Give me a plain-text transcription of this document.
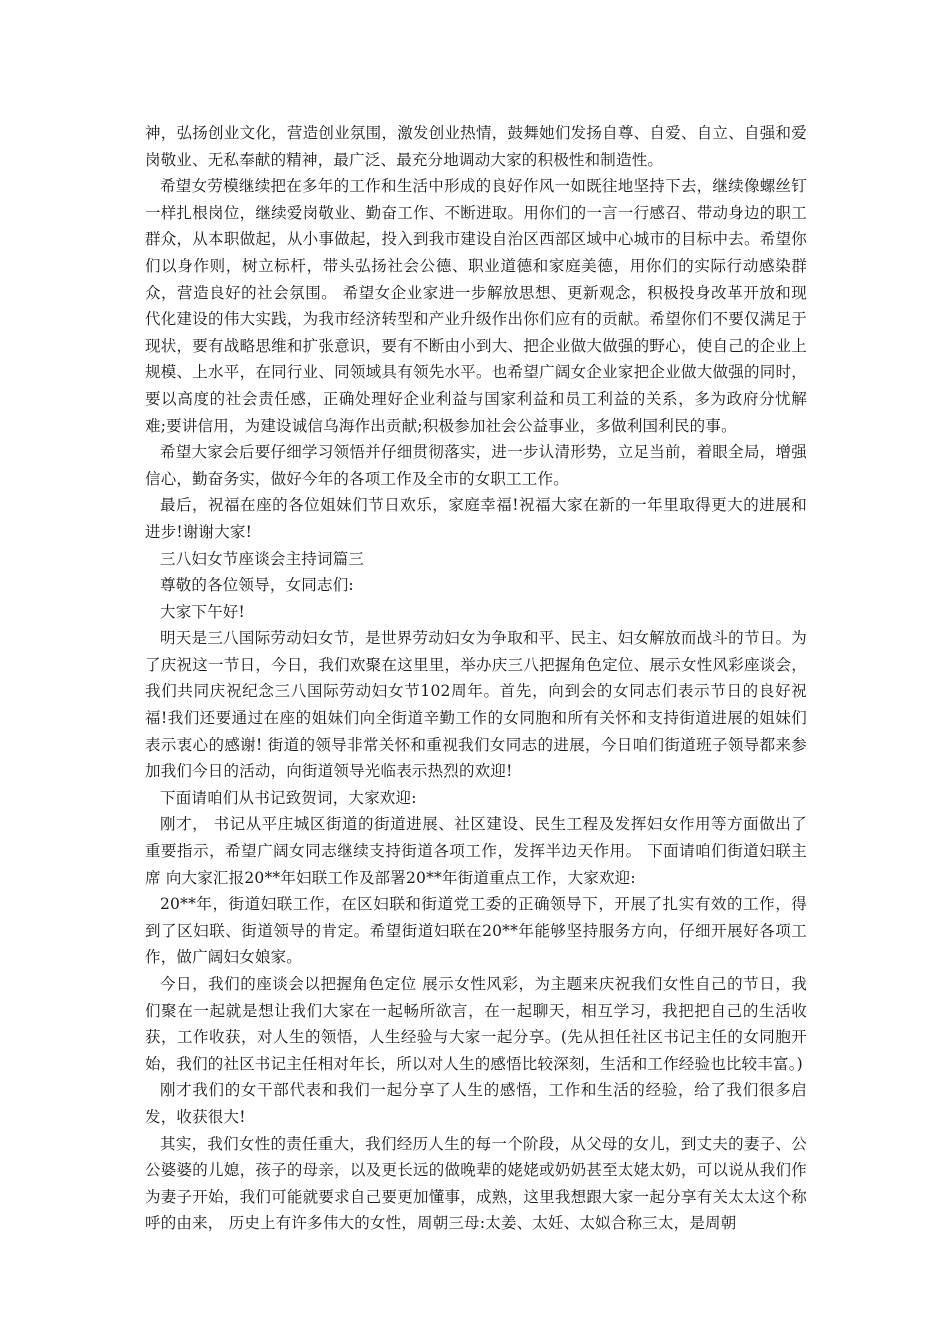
神，弘扬创业文化，营造创业氛围，激发创业热情，鼓舞她们发扬自尊、自爱、自立、自强和爱岗敬业、无私奉献的精神，最广泛、最充分地调动大家的积极性和制造性。

希望女劳模继续把在多年的工作和生活中形成的良好作风一如既往地坚持下去，继续像螺丝钉一样扎根岗位，继续爱岗敬业、勤奋工作、不断进取。用你们的一言一行感召、带动身边的职工群众，从本职做起，从小事做起，投入到我市建设自治区西部区域中心城市的目标中去。希望你们以身作则，树立标杆，带头弘扬社会公德、职业道德和家庭美德，用你们的实际行动感染群众，营造良好的社会氛围。 希望女企业家进一步解放思想、更新观念，积极投身改革开放和现代化建设的伟大实践，为我市经济转型和产业升级作出你们应有的贡献。希望你们不要仅满足于现状，要有战略思维和扩张意识，要有不断由小到大、把企业做大做强的野心，使自己的企业上规模、上水平，在同行业、同领域具有领先水平。也希望广阔女企业家把企业做大做强的同时，要以高度的社会责任感，正确处理好企业利益与国家利益和员工利益的关系，多为政府分忧解难;要讲信用，为建设诚信乌海作出贡献;积极参加社会公益事业，多做利国利民的事。

希望大家会后要仔细学习领悟并仔细贯彻落实，进一步认清形势，立足当前，着眼全局，增强信心，勤奋务实，做好今年的各项工作及全市的女职工工作。

最后，祝福在座的各位姐妹们节日欢乐，家庭幸福!祝福大家在新的一年里取得更大的进展和进步!谢谢大家!

三八妇女节座谈会主持词篇三

尊敬的各位领导，女同志们:

大家下午好!

明天是三八国际劳动妇女节，是世界劳动妇女为争取和平、民主、妇女解放而战斗的节日。为了庆祝这一节日，今日，我们欢聚在这里里，举办庆三八把握角色定位、展示女性风彩座谈会，我们共同庆祝纪念三八国际劳动妇女节102周年。首先，向到会的女同志们表示节日的良好祝福!我们还要通过在座的姐妹们向全街道辛勤工作的女同胞和所有关怀和支持街道进展的姐妹们表示衷心的感谢! 街道的领导非常关怀和重视我们女同志的进展，今日咱们街道班子领导都来参加我们今日的活动，向街道领导光临表示热烈的欢迎!

下面请咱们从书记致贺词，大家欢迎:

刚才， 书记从平庄城区街道的街道进展、社区建设、民生工程及发挥妇女作用等方面做出了重要指示，希望广阔女同志继续支持街道各项工作，发挥半边天作用。 下面请咱们街道妇联主席 向大家汇报20**年妇联工作及部署20**年街道重点工作，大家欢迎:

20**年，街道妇联工作，在区妇联和街道党工委的正确领导下，开展了扎实有效的工作，得到了区妇联、街道领导的肯定。希望街道妇联在20**年能够坚持服务方向，仔细开展好各项工作，做广阔妇女娘家。

今日，我们的座谈会以把握角色定位 展示女性风彩，为主题来庆祝我们女性自己的节日，我们聚在一起就是想让我们大家在一起畅所欲言，在一起聊天，相互学习，我把把自己的生活收获，工作收获，对人生的领悟，人生经验与大家一起分享。(先从担任社区书记主任的女同胞开始，我们的社区书记主任相对年长，所以对人生的感悟比较深刻，生活和工作经验也比较丰富。)

刚才我们的女干部代表和我们一起分享了人生的感悟，工作和生活的经验，给了我们很多启发，收获很大!

其实，我们女性的责任重大，我们经历人生的每一个阶段，从父母的女儿，到丈夫的妻子、公公婆婆的儿媳，孩子的母亲，以及更长远的做晚辈的姥姥或奶奶甚至太姥太奶，可以说从我们作为妻子开始，我们可能就要求自己要更加懂事，成熟，这里我想跟大家一起分享有关太太这个称呼的由来， 历史上有许多伟大的女性，周朝三母:太姜、太妊、太姒合称三太，是周朝
